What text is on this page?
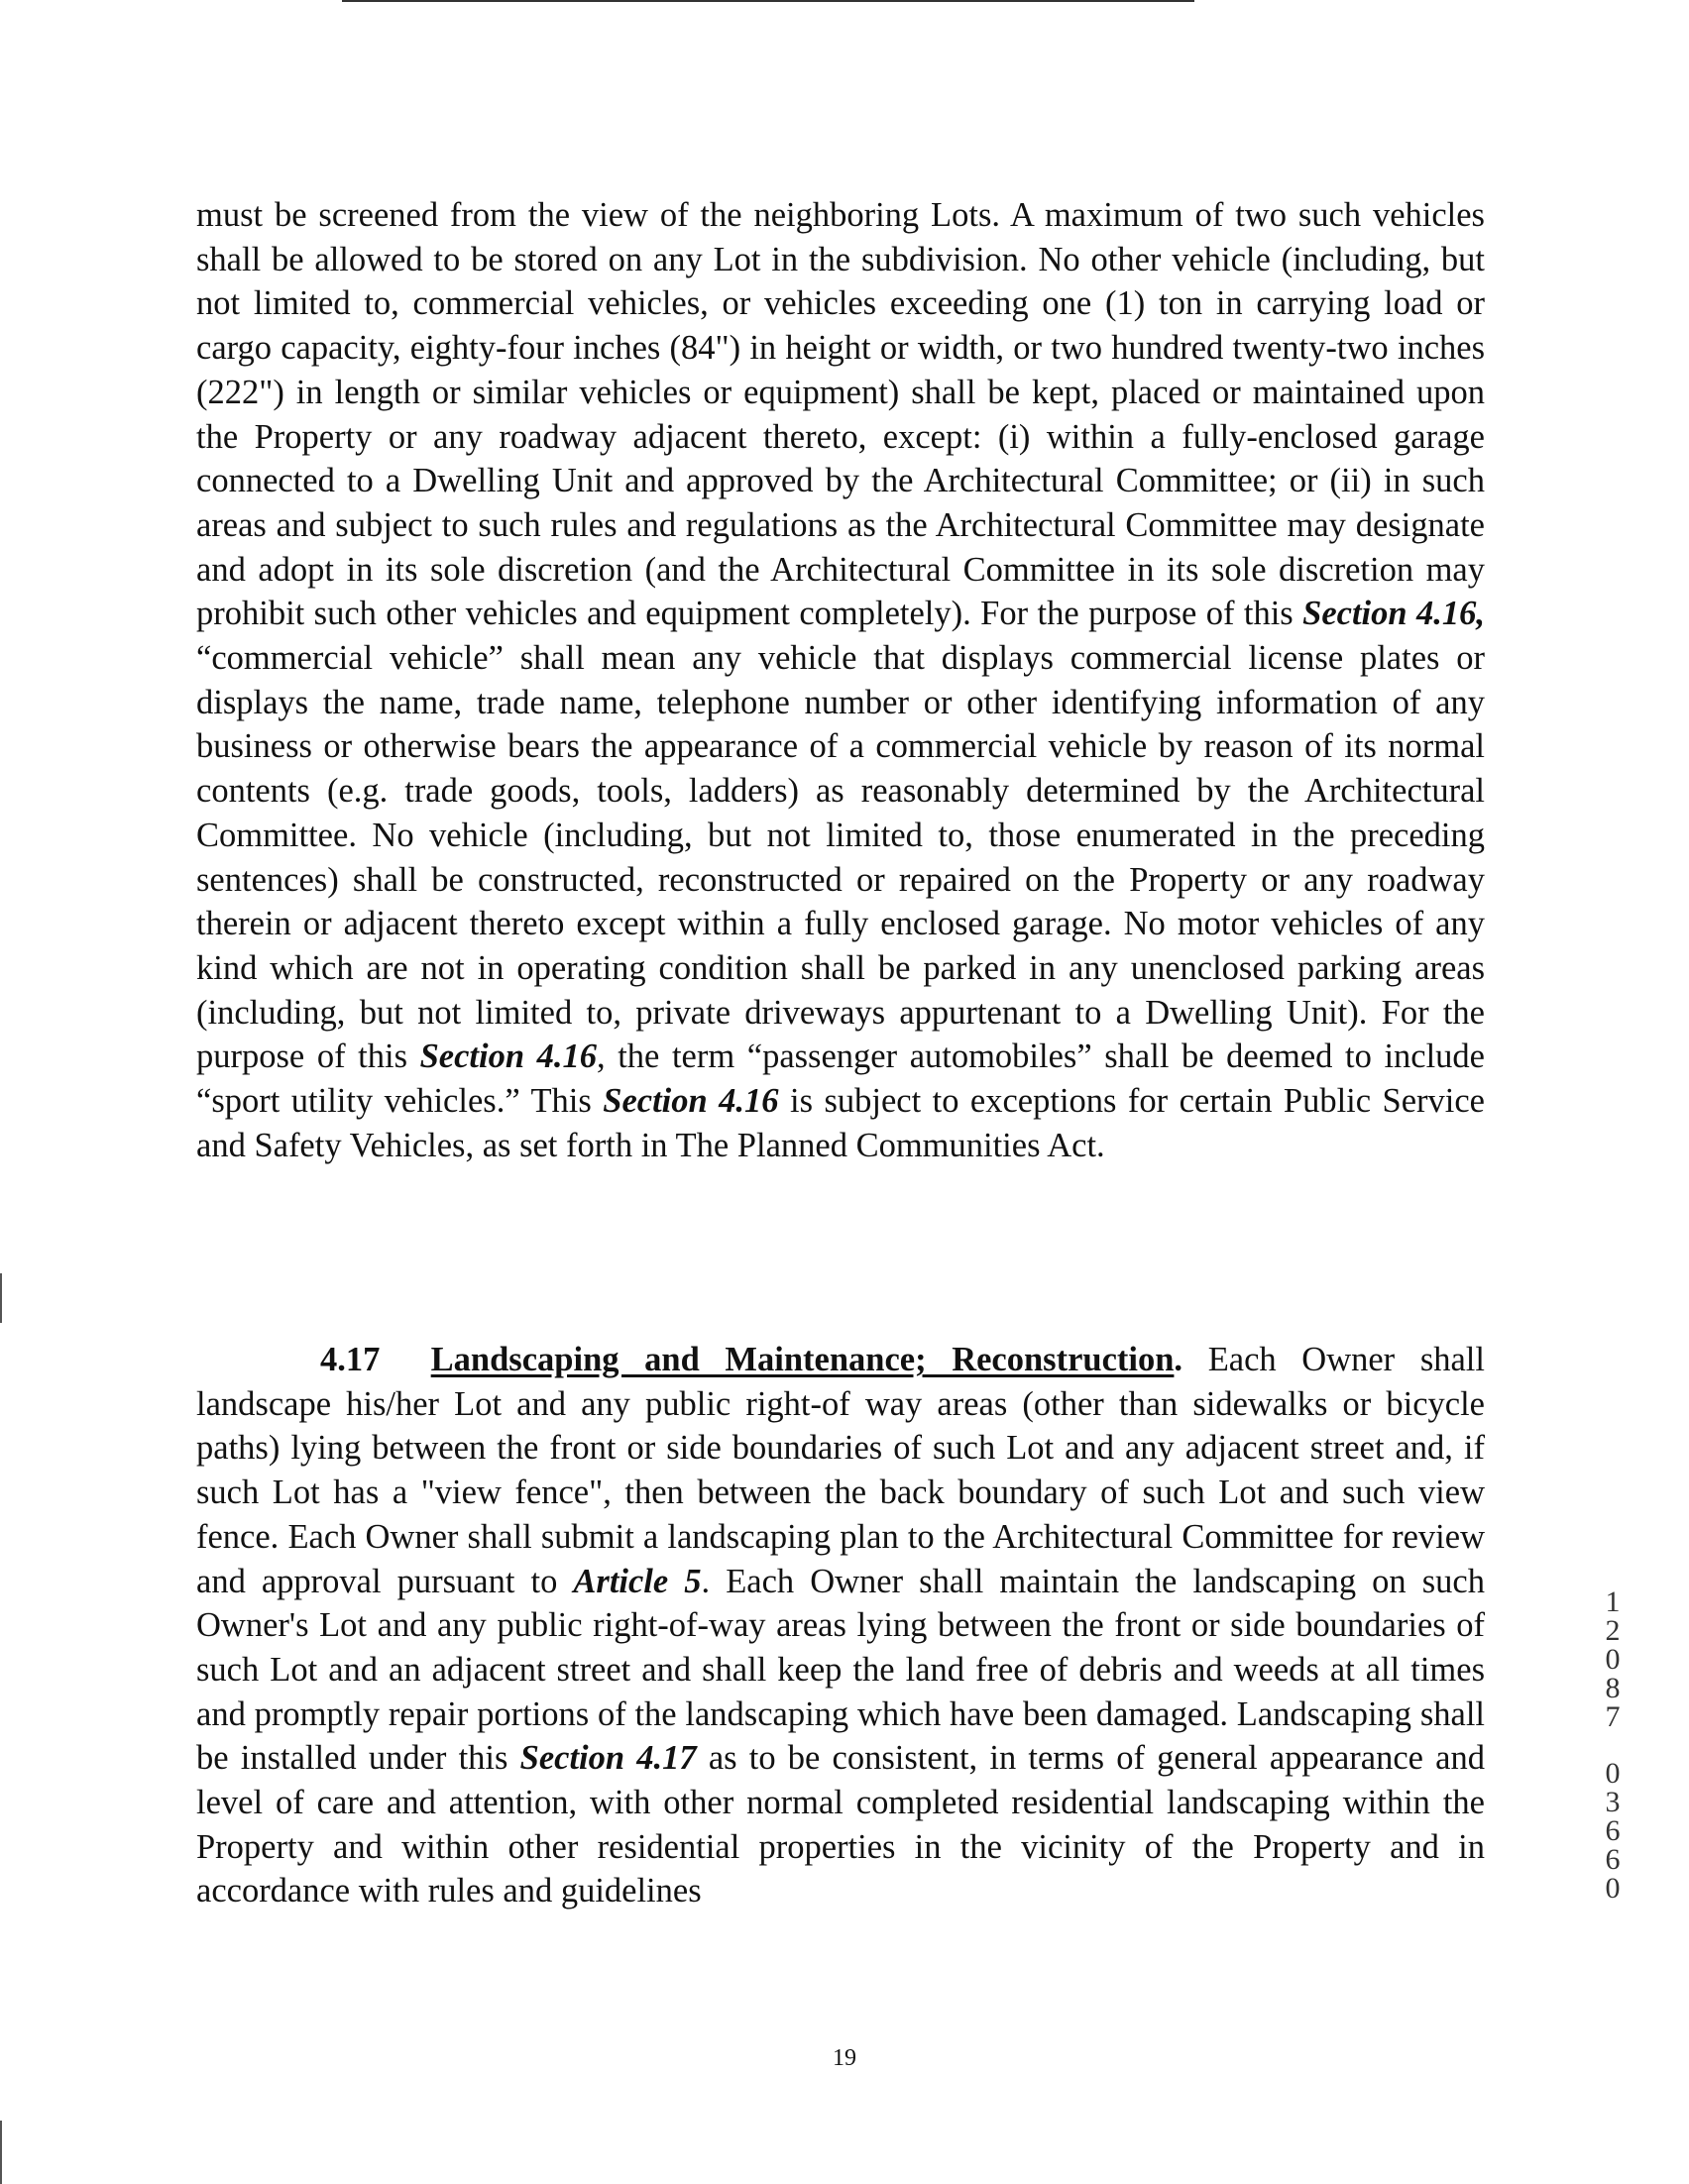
must be screened from the view of the neighboring Lots. A maximum of two such vehicles shall be allowed to be stored on any Lot in the subdivision. No other vehicle (including, but not limited to, commercial vehicles, or vehicles exceeding one (1) ton in carrying load or cargo capacity, eighty-four inches (84") in height or width, or two hundred twenty-two inches (222") in length or similar vehicles or equipment) shall be kept, placed or maintained upon the Property or any roadway adjacent thereto, except: (i) within a fully-enclosed garage connected to a Dwelling Unit and approved by the Architectural Committee; or (ii) in such areas and subject to such rules and regulations as the Architectural Committee may designate and adopt in its sole discretion (and the Architectural Committee in its sole discretion may prohibit such other vehicles and equipment completely). For the purpose of this Section 4.16, “commercial vehicle” shall mean any vehicle that displays commercial license plates or displays the name, trade name, telephone number or other identifying information of any business or otherwise bears the appearance of a commercial vehicle by reason of its normal contents (e.g. trade goods, tools, ladders) as reasonably determined by the Architectural Committee. No vehicle (including, but not limited to, those enumerated in the preceding sentences) shall be constructed, reconstructed or repaired on the Property or any roadway therein or adjacent thereto except within a fully enclosed garage. No motor vehicles of any kind which are not in operating condition shall be parked in any unenclosed parking areas (including, but not limited to, private driveways appurtenant to a Dwelling Unit). For the purpose of this Section 4.16, the term “passenger automobiles” shall be deemed to include “sport utility vehicles.” This Section 4.16 is subject to exceptions for certain Public Service and Safety Vehicles, as set forth in The Planned Communities Act.

4.17 Landscaping and Maintenance; Reconstruction. Each Owner shall landscape his/her Lot and any public right-of way areas (other than sidewalks or bicycle paths) lying between the front or side boundaries of such Lot and any adjacent street and, if such Lot has a "view fence", then between the back boundary of such Lot and such view fence. Each Owner shall submit a landscaping plan to the Architectural Committee for review and approval pursuant to Article 5. Each Owner shall maintain the landscaping on such Owner's Lot and any public right-of-way areas lying between the front or side boundaries of such Lot and an adjacent street and shall keep the land free of debris and weeds at all times and promptly repair portions of the landscaping which have been damaged. Landscaping shall be installed under this Section 4.17 as to be consistent, in terms of general appearance and level of care and attention, with other normal completed residential landscaping within the Property and within other residential properties in the vicinity of the Property and in accordance with rules and guidelines

19

1
2
0
8
7
0
3
6
6
0
